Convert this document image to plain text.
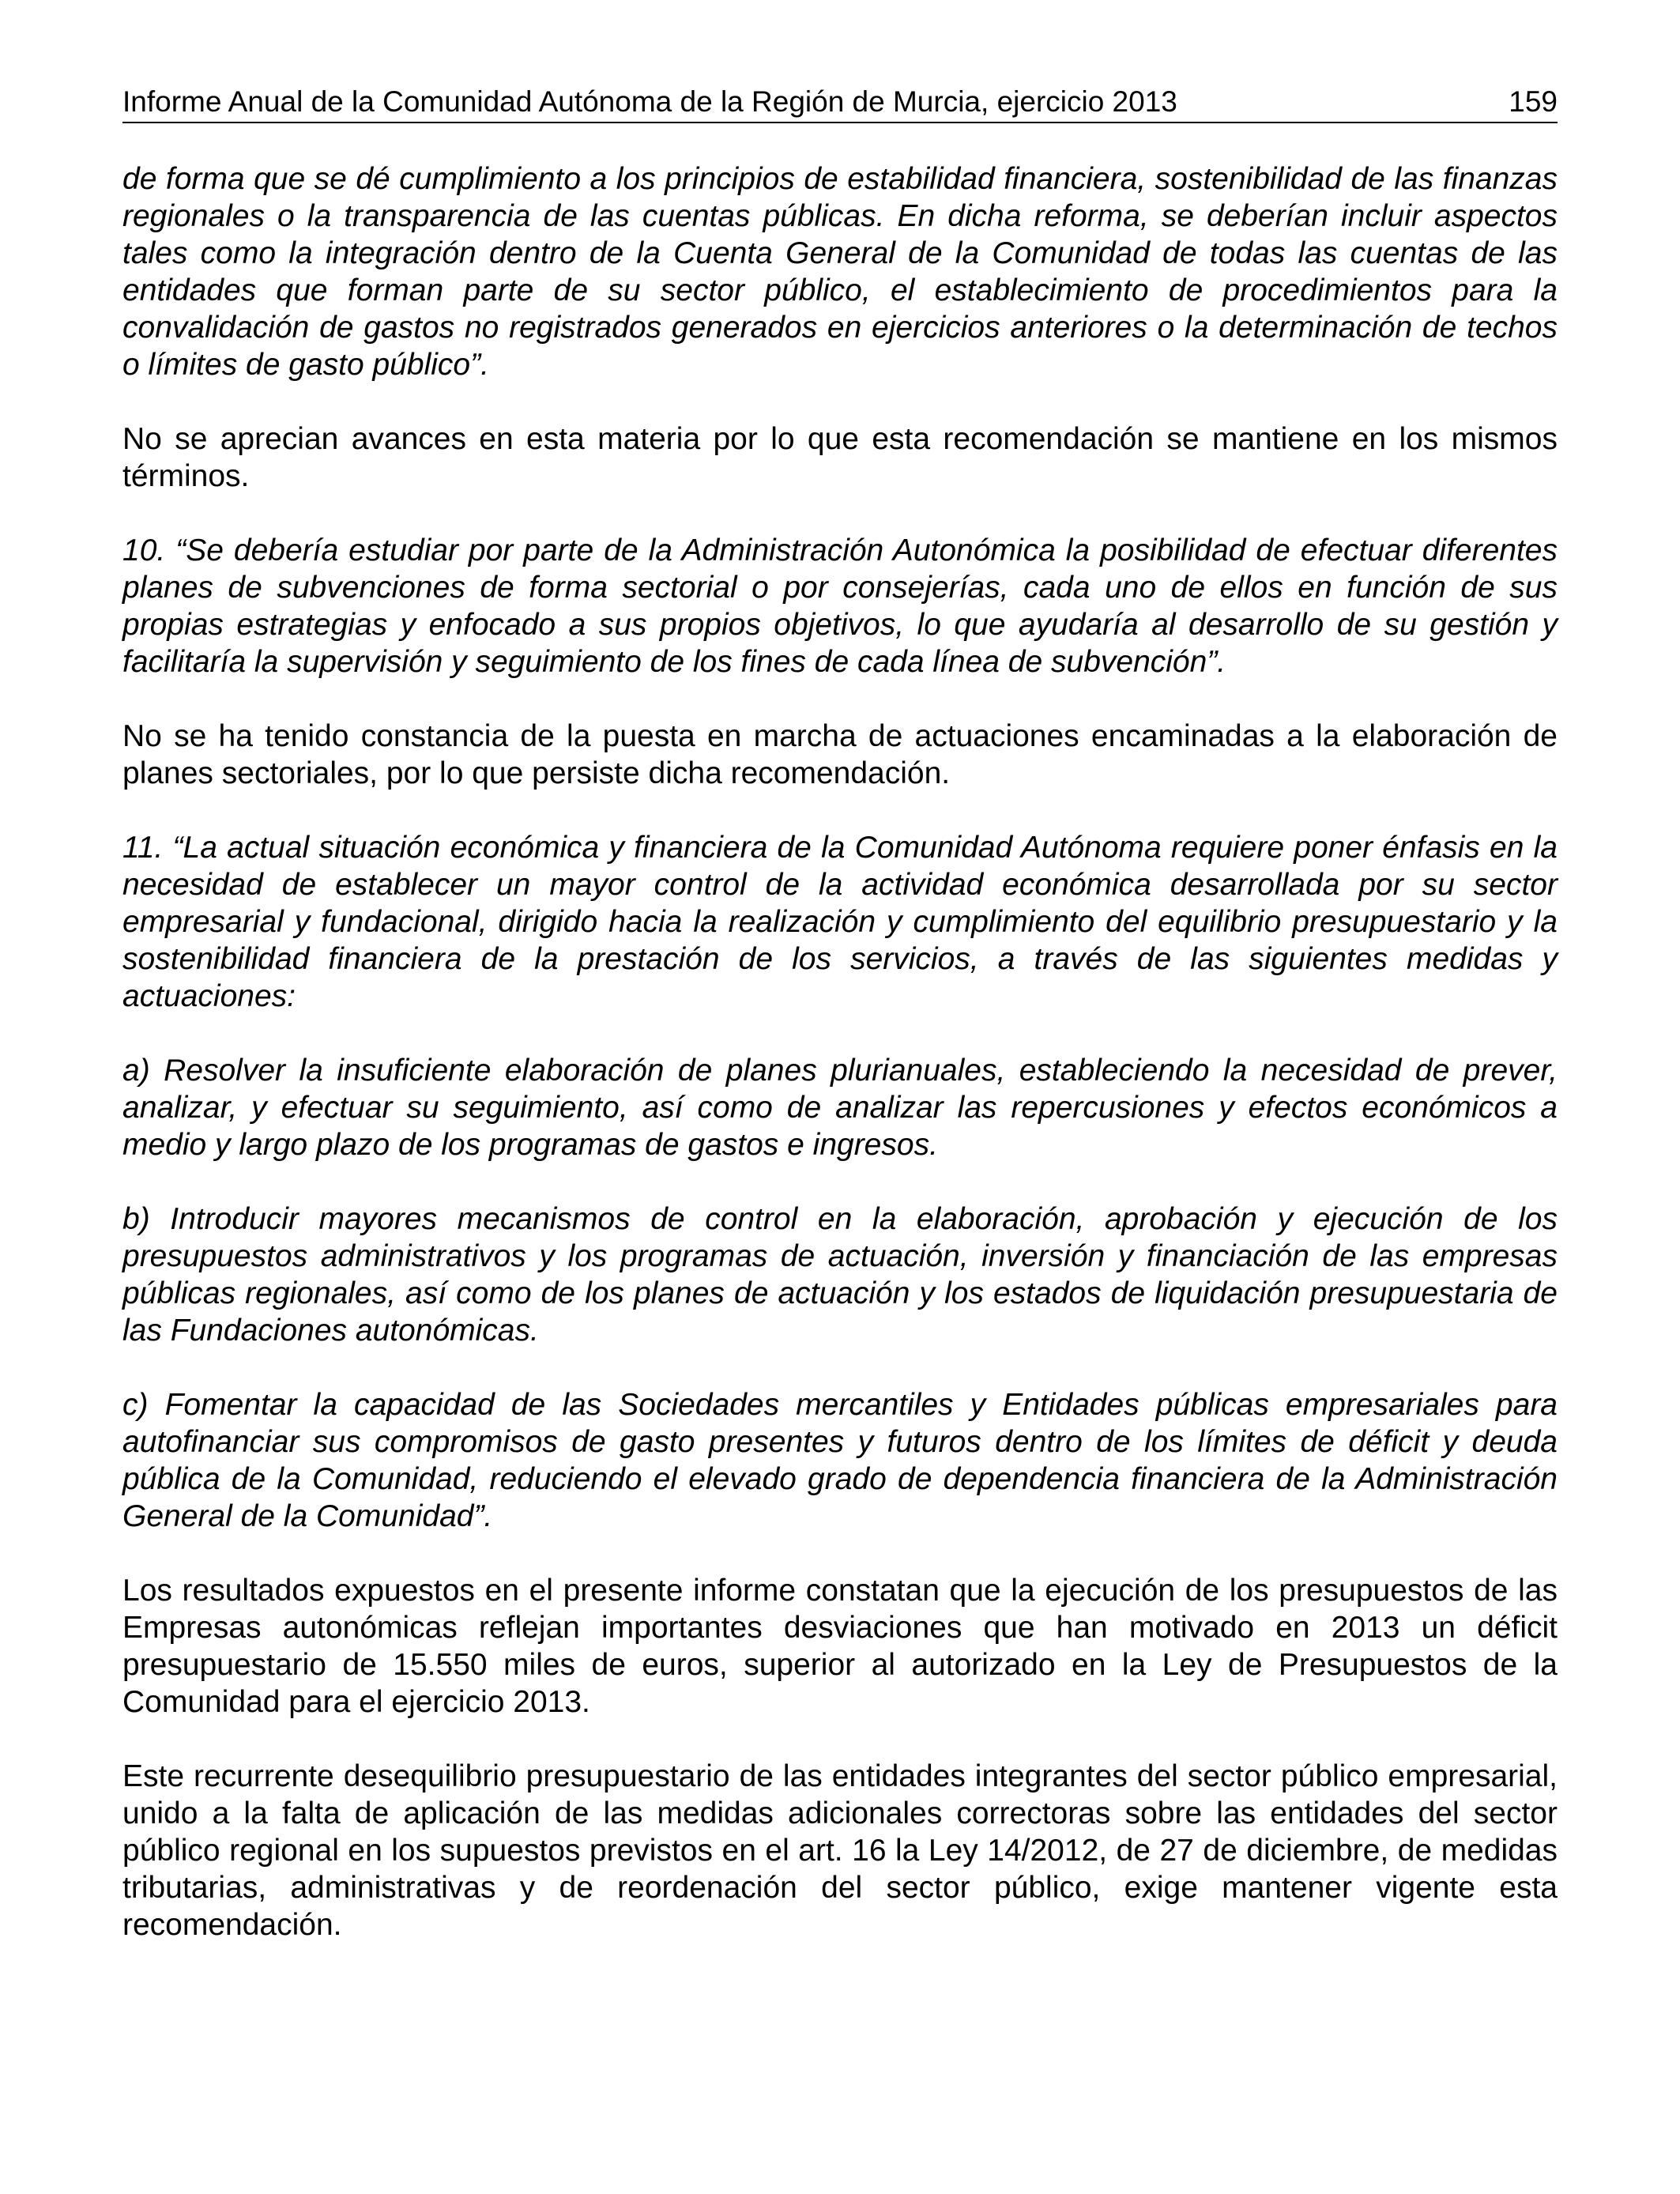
Informe Anual de la Comunidad Autónoma de la Región de Murcia, ejercicio 2013	159

de forma que se dé cumplimiento a los principios de estabilidad financiera, sostenibilidad de las finanzas regionales o la transparencia de las cuentas públicas. En dicha reforma, se deberían incluir aspectos tales como la integración dentro de la Cuenta General de la Comunidad de todas las cuentas de las entidades que forman parte de su sector público, el establecimiento de procedimientos para la convalidación de gastos no registrados generados en ejercicios anteriores o la determinación de techos o límites de gasto público”.

No se aprecian avances en esta materia por lo que esta recomendación se mantiene en los mismos términos.

10. “Se debería estudiar por parte de la Administración Autonómica la posibilidad de efectuar diferentes planes de subvenciones de forma sectorial o por consejerías, cada uno de ellos en función de sus propias estrategias y enfocado a sus propios objetivos, lo que ayudaría al desarrollo de su gestión y facilitaría la supervisión y seguimiento de los fines de cada línea de subvención”.

No se ha tenido constancia de la puesta en marcha de actuaciones encaminadas a la elaboración de planes sectoriales, por lo que persiste dicha recomendación.

11. “La actual situación económica y financiera de la Comunidad Autónoma requiere poner énfasis en la necesidad de establecer un mayor control de la actividad económica desarrollada por su sector empresarial y fundacional, dirigido hacia la realización y cumplimiento del equilibrio presupuestario y la sostenibilidad financiera de la prestación de los servicios, a través de las siguientes medidas y actuaciones:

a) Resolver la insuficiente elaboración de planes plurianuales, estableciendo la necesidad de prever, analizar, y efectuar su seguimiento, así como de analizar las repercusiones y efectos económicos a medio y largo plazo de los programas de gastos e ingresos.

b) Introducir mayores mecanismos de control en la elaboración, aprobación y ejecución de los presupuestos administrativos y los programas de actuación, inversión y financiación de las empresas públicas regionales, así como de los planes de actuación y los estados de liquidación presupuestaria de las Fundaciones autonómicas.

c) Fomentar la capacidad de las Sociedades mercantiles y Entidades públicas empresariales para autofinanciar sus compromisos de gasto presentes y futuros dentro de los límites de déficit y deuda pública de la Comunidad, reduciendo el elevado grado de dependencia financiera de la Administración General de la Comunidad”.

Los resultados expuestos en el presente informe constatan que la ejecución de los presupuestos de las Empresas autonómicas reflejan importantes desviaciones que han motivado en 2013 un déficit presupuestario de 15.550 miles de euros, superior al autorizado en la Ley de Presupuestos de la Comunidad para el ejercicio 2013.

Este recurrente desequilibrio presupuestario de las entidades integrantes del sector público empresarial, unido a la falta de aplicación de las medidas adicionales correctoras sobre las entidades del sector público regional en los supuestos previstos en el art. 16 la Ley 14/2012, de 27 de diciembre, de medidas tributarias, administrativas y de reordenación del sector público, exige mantener vigente esta recomendación.
